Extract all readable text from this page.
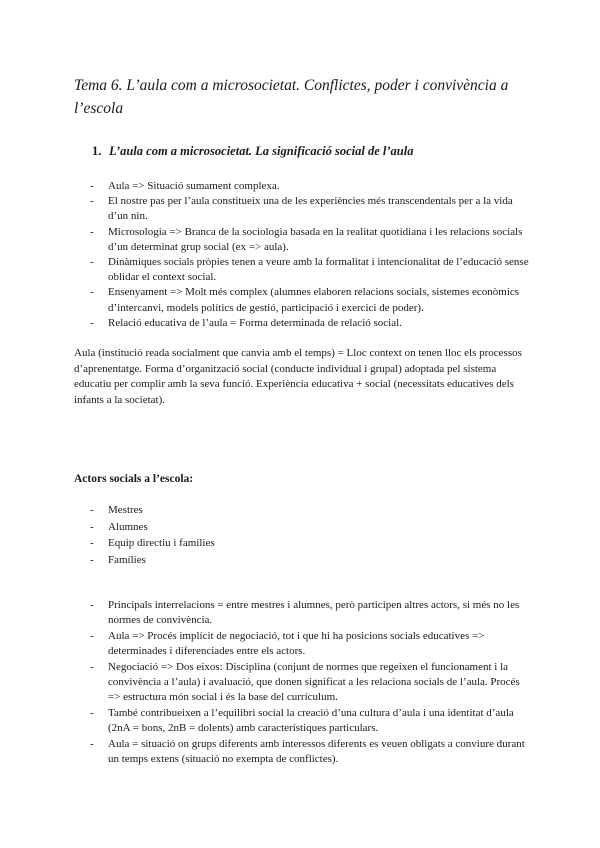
Tema 6. L’aula com a microsocietat. Conflictes, poder i convivència a l’escola
1. L’aula com a microsocietat. La significació social de l’aula
- Aula => Situació sumament complexa.
- El nostre pas per l’aula constitueix una de les experiències més transcendentals per a la vida d’un nin.
- Microsologia => Branca de la sociologia basada en la realitat quotidiana i les relacions socials d’un determinat grup social (ex => aula).
- Dinàmiques socials pròpies tenen a veure amb la formalitat i intencionalitat de l’educació sense oblidar el context social.
- Ensenyament => Molt més complex (alumnes elaboren relacions socials, sistemes econòmics d’intercanvi, models polítics de gestió, participació i exercici de poder).
- Relació educativa de l’aula = Forma determinada de relació social.

Aula (institució reada socialment que canvia amb el temps) = Lloc context on tenen lloc els processos d’aprenentatge. Forma d’organització social (conducte individual i grupal) adoptada pel sistema educatiu per complir amb la seva funció. Experiència educativa + social (necessitats educatives dels infants a la societat).

Actors socials a l’escola:

- Mestres
- Alumnes
- Equip directiu i famílies
- Famílies
- Principals interrelacions = entre mestres i alumnes, però participen altres actors, si més no les normes de convivència.
- Aula => Procés implícit de negociació, tot i que hi ha posicions socials educatives => determinades i diferenciades entre els actors.
- Negociació => Dos eixos: Disciplina (conjunt de normes que regeixen el funcionament i la convivència a l’aula) i avaluació, que donen significat a les relaciona socials de l’aula. Procés => estructura món social i és la base del currículum.
- També contribueixen a l’equilibri social la creació d’una cultura d’aula i una identitat d’aula (2nA = bons, 2nB = dolents) amb característiques particulars.
- Aula = situació on grups diferents amb interessos diferents es veuen obligats a conviure durant un temps extens (situació no exempta de conflictes).
